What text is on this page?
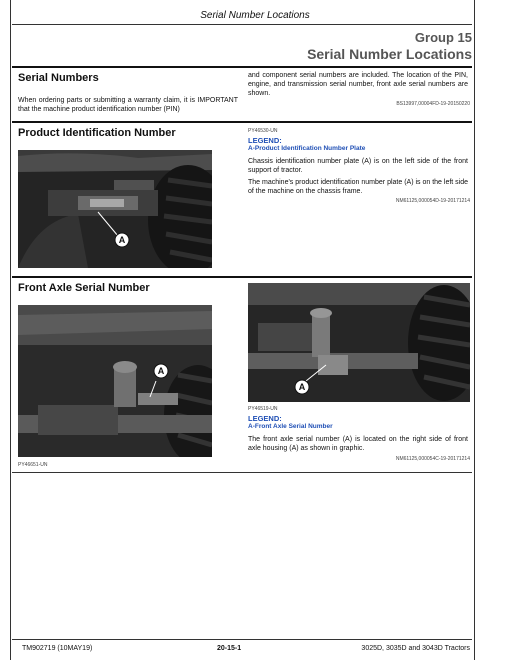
Serial Number Locations
Group 15
Serial Number Locations
Serial Numbers
When ordering parts or submitting a warranty claim, it is IMPORTANT that the machine product identification number (PIN)
and component serial numbers are included. The location of the PIN, engine, and transmission serial number, front axle serial numbers are shown.
BS13997,00004FD-19-20150220
Product Identification Number
A
PY46530-UN
LEGEND:
A-Product Identification Number Plate
Chassis identification number plate (A) is on the left side of the front support of tractor.
The machine's product identification number plate (A) is on the left side of the machine on the chassis frame.
NM61125,000054D-19-20171214
Front Axle Serial Number
A
PY46651-UN
A
PY46519-UN
LEGEND:
A-Front Axle Serial Number
The front axle serial number (A) is located on the right side of front axle housing (A) as shown in graphic.
NM61125,000054C-19-20171214
TM902719 (10MAY19)	20-15-1	3025D, 3035D and 3043D Tractors
